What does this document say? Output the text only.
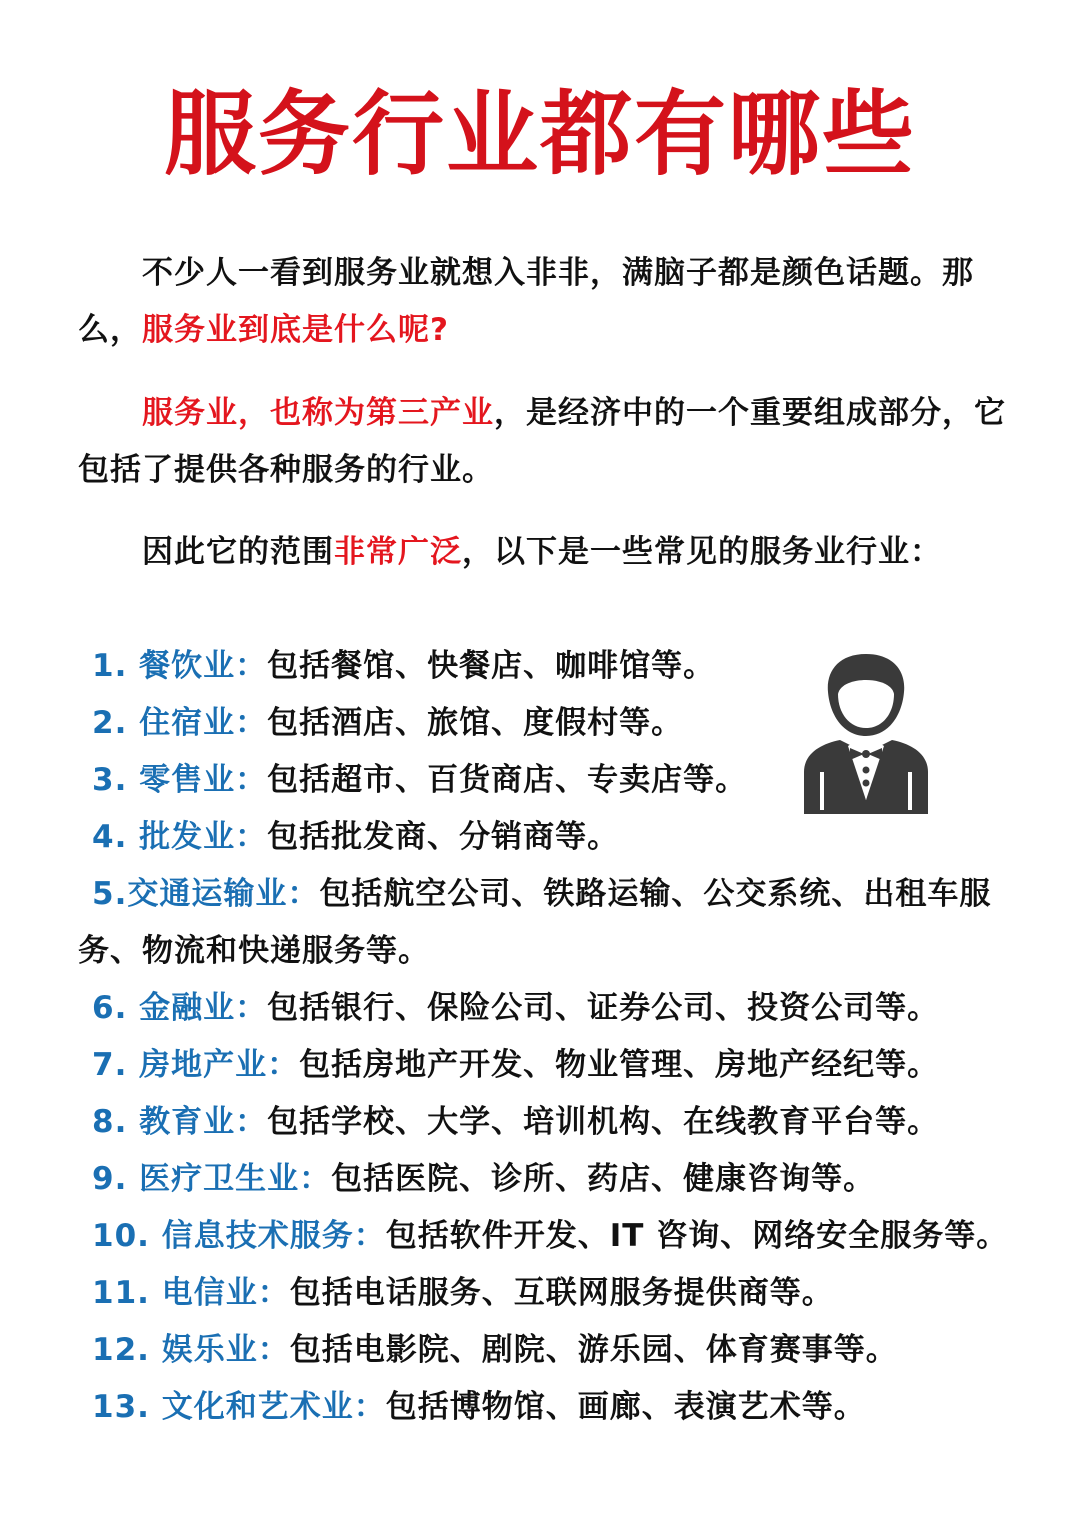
服务行业都有哪些
不少人一看到服务业就想入非非，满脑子都是颜色话题。那么，服务业到底是什么呢?
服务业，也称为第三产业，是经济中的一个重要组成部分，它包括了提供各种服务的行业。
因此它的范围非常广泛，以下是一些常见的服务业行业：
1. 餐饮业：包括餐馆、快餐店、咖啡馆等。
2. 住宿业：包括酒店、旅馆、度假村等。
3. 零售业：包括超市、百货商店、专卖店等。
4. 批发业：包括批发商、分销商等。
5.交通运输业：包括航空公司、铁路运输、公交系统、出租车服务、物流和快递服务等。
6. 金融业：包括银行、保险公司、证券公司、投资公司等。
7. 房地产业：包括房地产开发、物业管理、房地产经纪等。
8. 教育业：包括学校、大学、培训机构、在线教育平台等。
9. 医疗卫生业：包括医院、诊所、药店、健康咨询等。
10. 信息技术服务：包括软件开发、IT 咨询、网络安全服务等。
11. 电信业：包括电话服务、互联网服务提供商等。
12. 娱乐业：包括电影院、剧院、游乐园、体育赛事等。
13. 文化和艺术业：包括博物馆、画廊、表演艺术等。
